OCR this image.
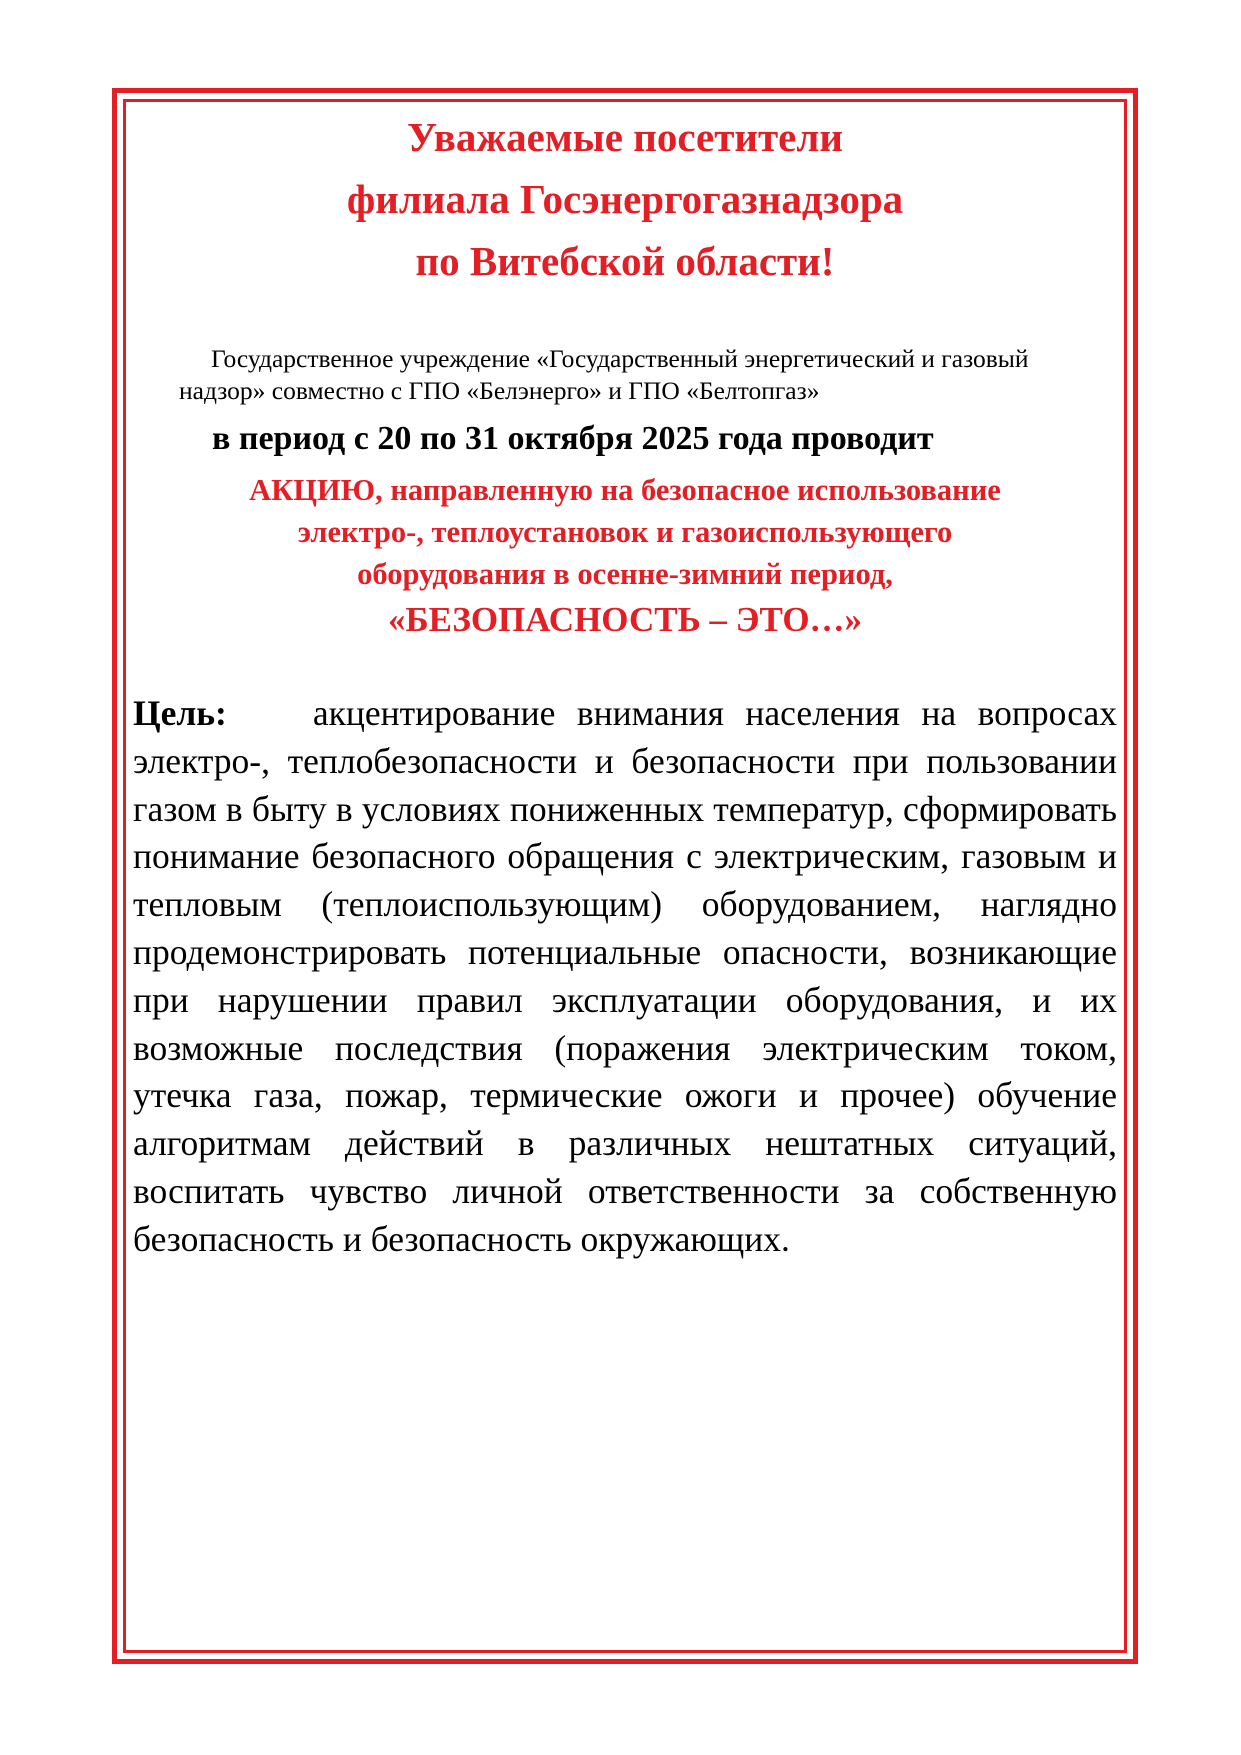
Уважаемые посетители
филиала Госэнергогазнадзора
по Витебской области!

Государственное учреждение «Государственный энергетический и газовый надзор» совместно с ГПО «Белэнерго» и ГПО «Белтопгаз»

в период с 20 по 31 октября 2025 года проводит

АКЦИЮ, направленную на безопасное использование
электро-, теплоустановок и газоиспользующего
оборудования в осенне-зимний период,

«БЕЗОПАСНОСТЬ – ЭТО…»

Цель: акцентирование внимания населения на вопросах электро-, теплобезопасности и безопасности при пользовании газом в быту в условиях пониженных температур, сформировать понимание безопасного обращения с электрическим, газовым и тепловым (теплоиспользующим) оборудованием, наглядно продемонстрировать потенциальные опасности, возникающие при нарушении правил эксплуатации оборудования, и их возможные последствия (поражения электрическим током, утечка газа, пожар, термические ожоги и прочее) обучение алгоритмам действий в различных нештатных ситуаций, воспитать чувство личной ответственности за собственную безопасность и безопасность окружающих.
